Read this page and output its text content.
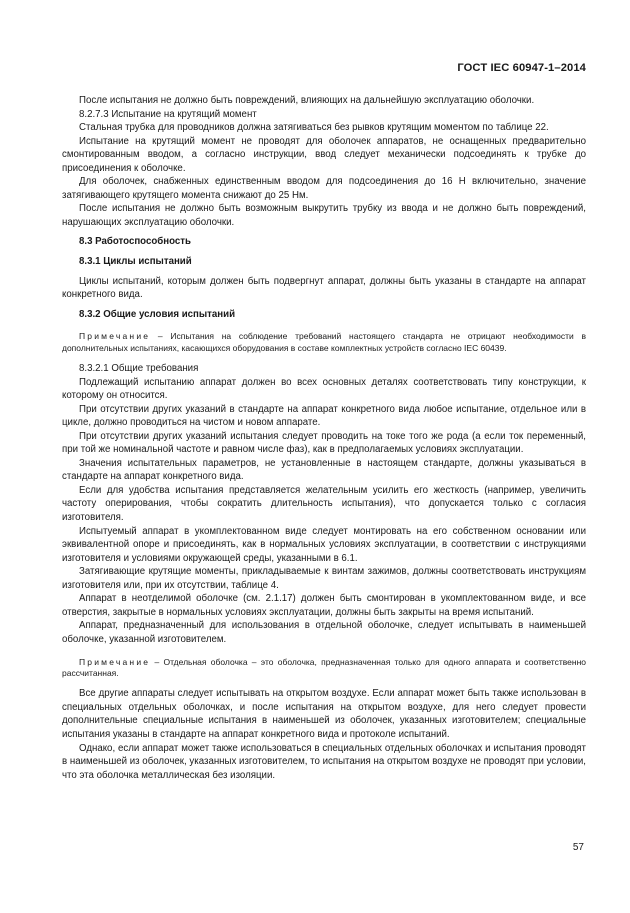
ГОСТ IEC 60947-1–2014

После испытания не должно быть повреждений, влияющих на дальнейшую эксплуатацию оболочки.

8.2.7.3 Испытание на крутящий момент

Стальная трубка для проводников должна затягиваться без рывков крутящим моментом по таблице 22.

Испытание на крутящий момент не проводят для оболочек аппаратов, не оснащенных предварительно смонтированным вводом, а согласно инструкции, ввод следует механически подсоединять к трубке до присоединения к оболочке.

Для оболочек, снабженных единственным вводом для подсоединения до 16 Н включительно, значение затягивающего крутящего момента снижают до 25 Нм.

После испытания не должно быть возможным выкрутить трубку из ввода и не должно быть повреждений, нарушающих эксплуатацию оболочки.

8.3 Работоспособность

8.3.1 Циклы испытаний

Циклы испытаний, которым должен быть подвергнут аппарат, должны быть указаны в стандарте на аппарат конкретного вида.

8.3.2 Общие условия испытаний

Примечание – Испытания на соблюдение требований настоящего стандарта не отрицают необходимости в дополнительных испытаниях, касающихся оборудования в составе комплектных устройств согласно IEC 60439.

8.3.2.1 Общие требования

Подлежащий испытанию аппарат должен во всех основных деталях соответствовать типу конструкции, к которому он относится.

При отсутствии других указаний в стандарте на аппарат конкретного вида любое испытание, отдельное или в цикле, должно проводиться на чистом и новом аппарате.

При отсутствии других указаний испытания следует проводить на токе того же рода (а если ток переменный, при той же номинальной частоте и равном числе фаз), как в предполагаемых условиях эксплуатации.

Значения испытательных параметров, не установленные в настоящем стандарте, должны указываться в стандарте на аппарат конкретного вида.

Если для удобства испытания представляется желательным усилить его жесткость (например, увеличить частоту оперирования, чтобы сократить длительность испытания), что допускается только с согласия изготовителя.

Испытуемый аппарат в укомплектованном виде следует монтировать на его собственном основании или эквивалентной опоре и присоединять, как в нормальных условиях эксплуатации, в соответствии с инструкциями изготовителя и условиями окружающей среды, указанными в 6.1.

Затягивающие крутящие моменты, прикладываемые к винтам зажимов, должны соответствовать инструкциям изготовителя или, при их отсутствии, таблице 4.

Аппарат в неотделимой оболочке (см. 2.1.17) должен быть смонтирован в укомплектованном виде, и все отверстия, закрытые в нормальных условиях эксплуатации, должны быть закрыты на время испытаний.

Аппарат, предназначенный для использования в отдельной оболочке, следует испытывать в наименьшей оболочке, указанной изготовителем.

Примечание – Отдельная оболочка – это оболочка, предназначенная только для одного аппарата и соответственно рассчитанная.

Все другие аппараты следует испытывать на открытом воздухе. Если аппарат может быть также использован в специальных отдельных оболочках, и после испытания на открытом воздухе, для него следует провести дополнительные специальные испытания в наименьшей из оболочек, указанных изготовителем; специальные испытания указаны в стандарте на аппарат конкретного вида и протоколе испытаний.

Однако, если аппарат может также использоваться в специальных отдельных оболочках и испытания проводят в наименьшей из оболочек, указанных изготовителем, то испытания на открытом воздухе не проводят при условии, что эта оболочка металлическая без изоляции.

57
